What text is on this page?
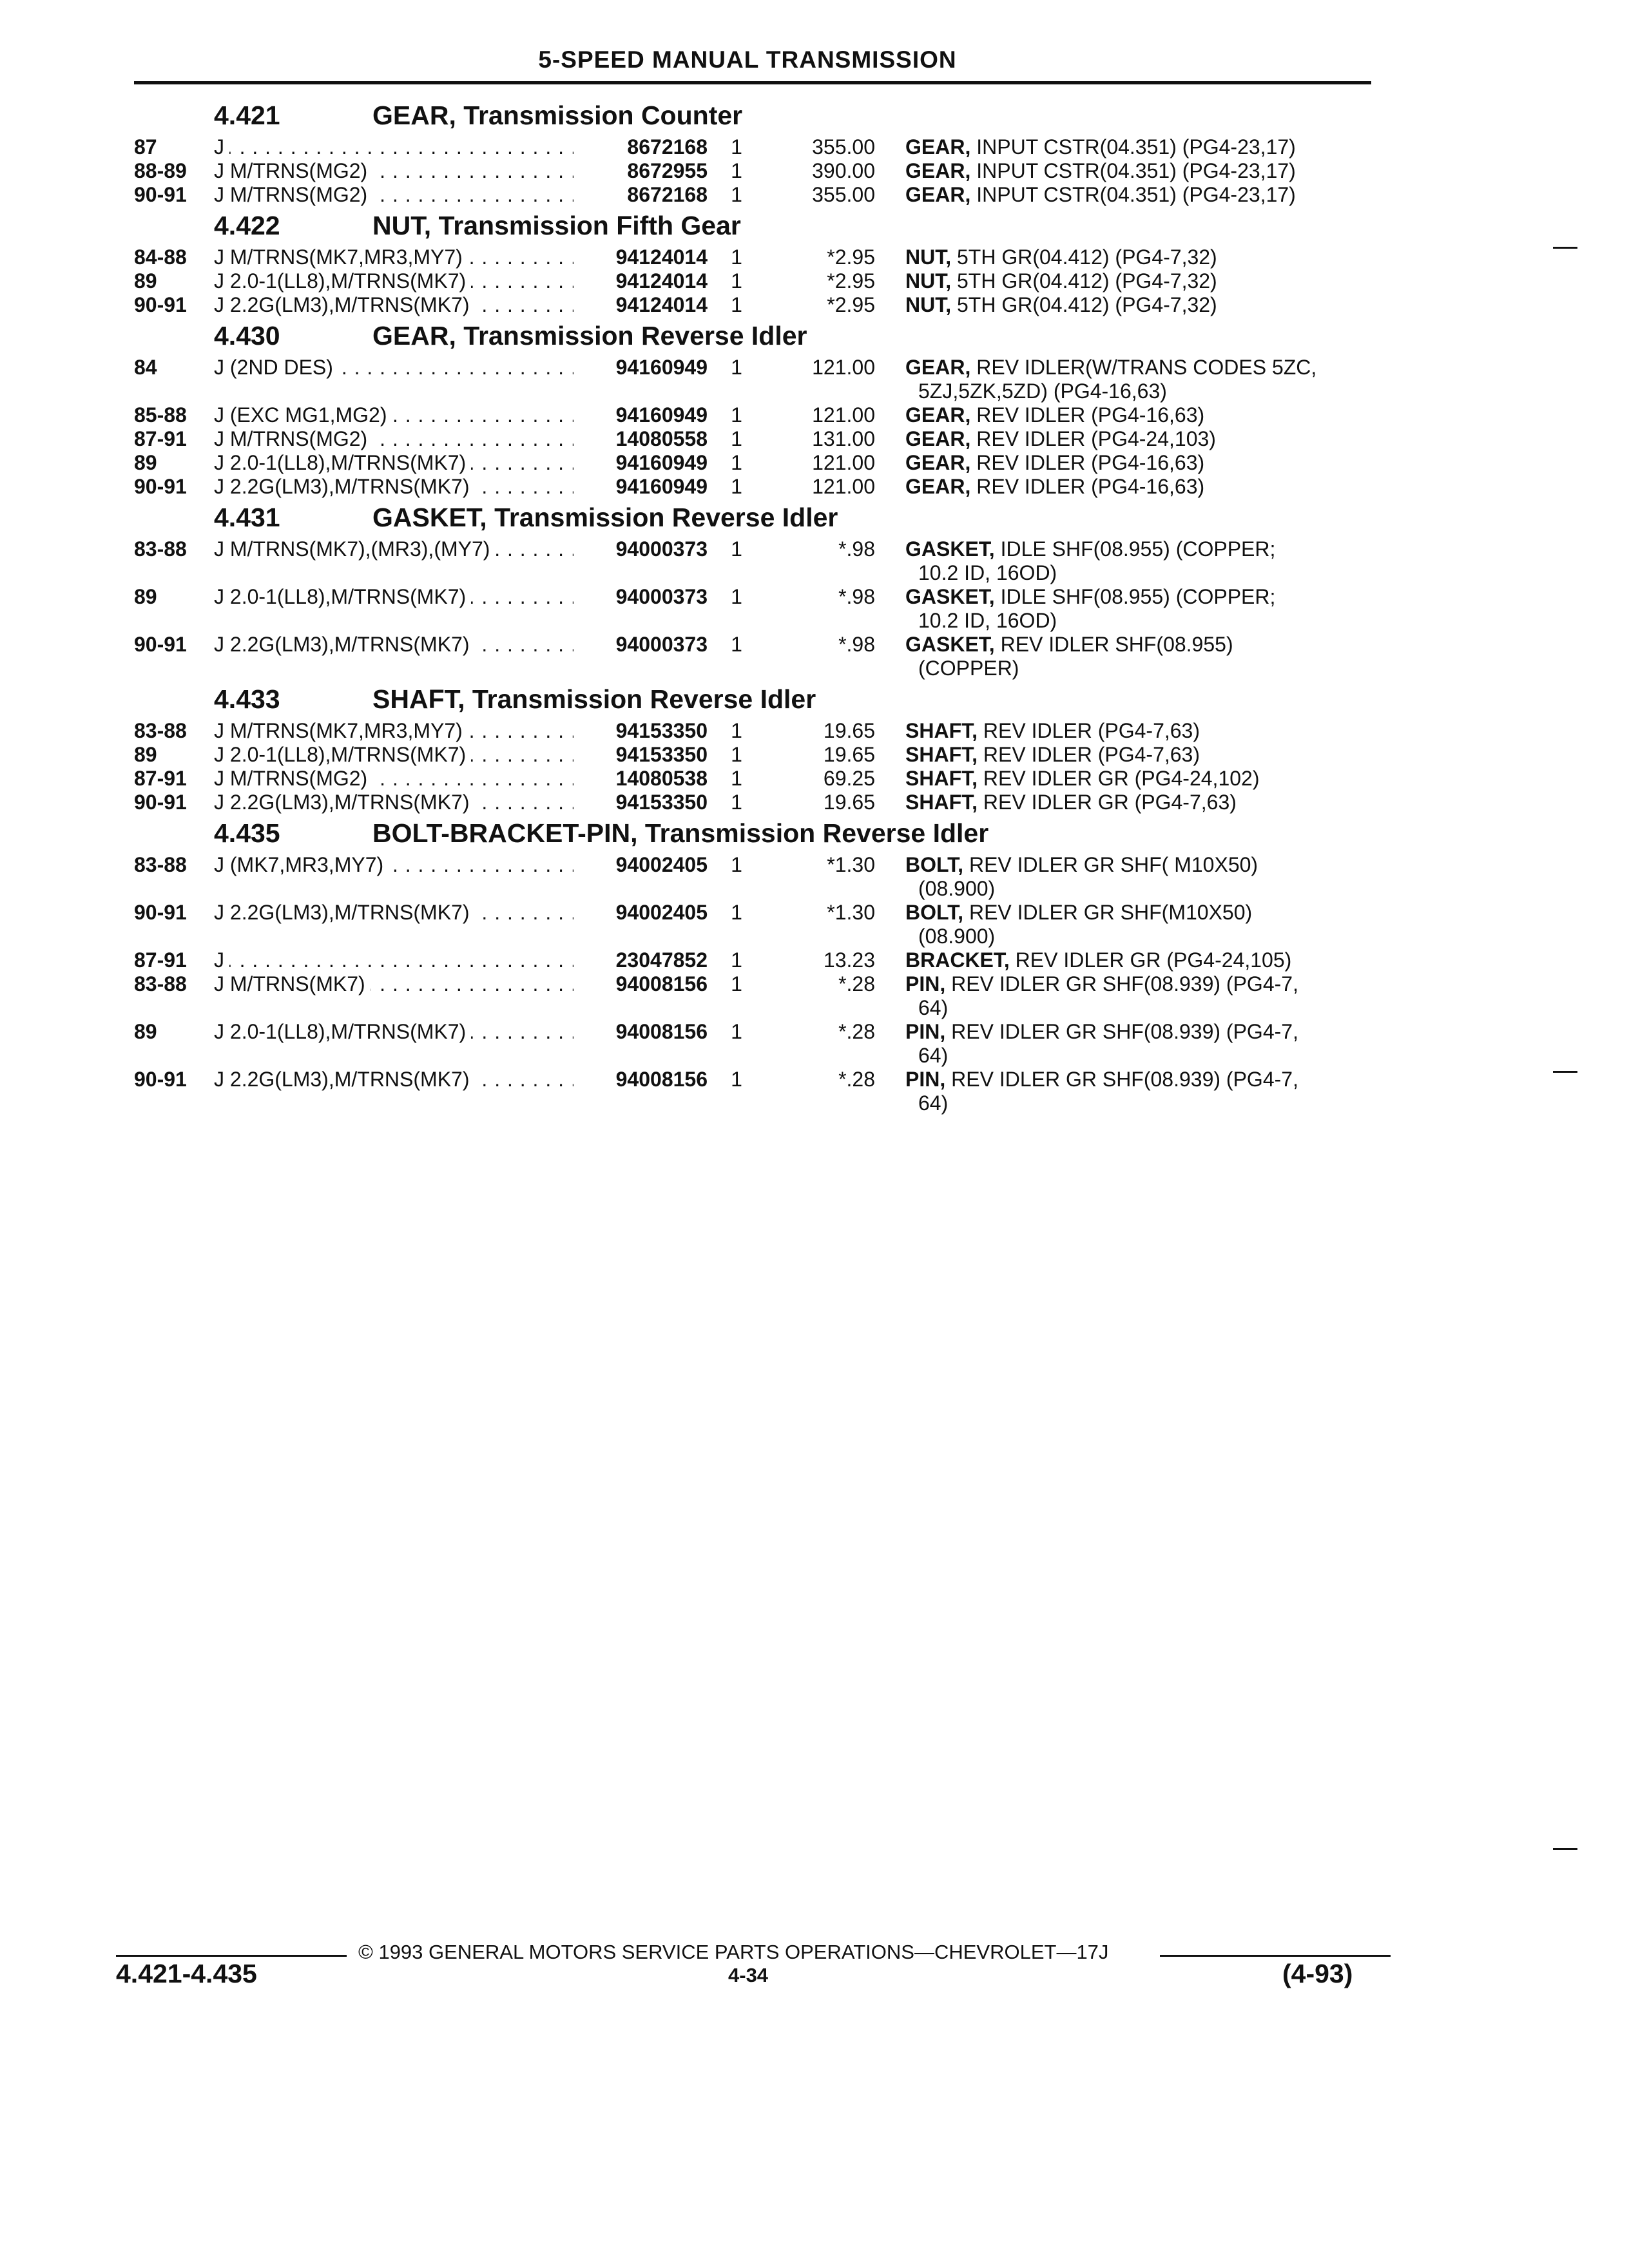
5-SPEED MANUAL TRANSMISSION
4.421	GEAR, Transmission Counter
87	J . . .	8672168 1	355.00 GEAR, INPUT CSTR(04.351) (PG4-23,17)
88-89	J M/TRNS(MG2) . . .	8672955 1	390.00 GEAR, INPUT CSTR(04.351) (PG4-23,17)
90-91	J M/TRNS(MG2) . . .	8672168 1	355.00 GEAR, INPUT CSTR(04.351) (PG4-23,17)
4.422	NUT, Transmission Fifth Gear
84-88	J M/TRNS(MK7,MR3,MY7) . . .	94124014 1	*2.95 NUT, 5TH GR(04.412) (PG4-7,32)
89	J 2.0-1(LL8),M/TRNS(MK7) . . .	94124014 1	*2.95 NUT, 5TH GR(04.412) (PG4-7,32)
90-91	J 2.2G(LM3),M/TRNS(MK7) . . .	94124014 1	*2.95 NUT, 5TH GR(04.412) (PG4-7,32)
4.430	GEAR, Transmission Reverse Idler
84	J (2ND DES) . . .	94160949 1	121.00 GEAR, REV IDLER(W/TRANS CODES 5ZC,
5ZJ,5ZK,5ZD) (PG4-16,63)
85-88	J (EXC MG1,MG2) . . .	94160949 1	121.00 GEAR, REV IDLER (PG4-16,63)
87-91	J M/TRNS(MG2) . . .	14080558 1	131.00 GEAR, REV IDLER (PG4-24,103)
89	J 2.0-1(LL8),M/TRNS(MK7) . . .	94160949 1	121.00 GEAR, REV IDLER (PG4-16,63)
90-91	J 2.2G(LM3),M/TRNS(MK7) . . .	94160949 1	121.00 GEAR, REV IDLER (PG4-16,63)
4.431	GASKET, Transmission Reverse Idler
83-88	J M/TRNS(MK7),(MR3),(MY7) . . .	94000373 1	*.98 GASKET, IDLE SHF(08.955) (COPPER;
10.2 ID, 16OD)
89	J 2.0-1(LL8),M/TRNS(MK7) . . .	94000373 1	*.98 GASKET, IDLE SHF(08.955) (COPPER;
10.2 ID, 16OD)
90-91	J 2.2G(LM3),M/TRNS(MK7) . . .	94000373 1	*.98 GASKET, REV IDLER SHF(08.955)
(COPPER)
4.433	SHAFT, Transmission Reverse Idler
83-88	J M/TRNS(MK7,MR3,MY7) . . .	94153350 1	19.65 SHAFT, REV IDLER (PG4-7,63)
89	J 2.0-1(LL8),M/TRNS(MK7) . . .	94153350 1	19.65 SHAFT, REV IDLER (PG4-7,63)
87-91	J M/TRNS(MG2) . . .	14080538 1	69.25 SHAFT, REV IDLER GR (PG4-24,102)
90-91	J 2.2G(LM3),M/TRNS(MK7) . . .	94153350 1	19.65 SHAFT, REV IDLER GR (PG4-7,63)
4.435	BOLT-BRACKET-PIN, Transmission Reverse Idler
83-88	J (MK7,MR3,MY7) . . .	94002405 1	*1.30 BOLT, REV IDLER GR SHF( M10X50)
(08.900)
90-91	J 2.2G(LM3),M/TRNS(MK7) . . .	94002405 1	*1.30 BOLT, REV IDLER GR SHF(M10X50)
(08.900)
87-91	J . . .	23047852 1	13.23 BRACKET, REV IDLER GR (PG4-24,105)
83-88	J M/TRNS(MK7) . . .	94008156 1	*.28 PIN, REV IDLER GR SHF(08.939) (PG4-7,
64)
89	J 2.0-1(LL8),M/TRNS(MK7) . . .	94008156 1	*.28 PIN, REV IDLER GR SHF(08.939) (PG4-7,
64)
90-91	J 2.2G(LM3),M/TRNS(MK7) . . .	94008156 1	*.28 PIN, REV IDLER GR SHF(08.939) (PG4-7,
64)
© 1993 GENERAL MOTORS SERVICE PARTS OPERATIONS—CHEVROLET—17J
4.421-4.435	4-34	(4-93)
